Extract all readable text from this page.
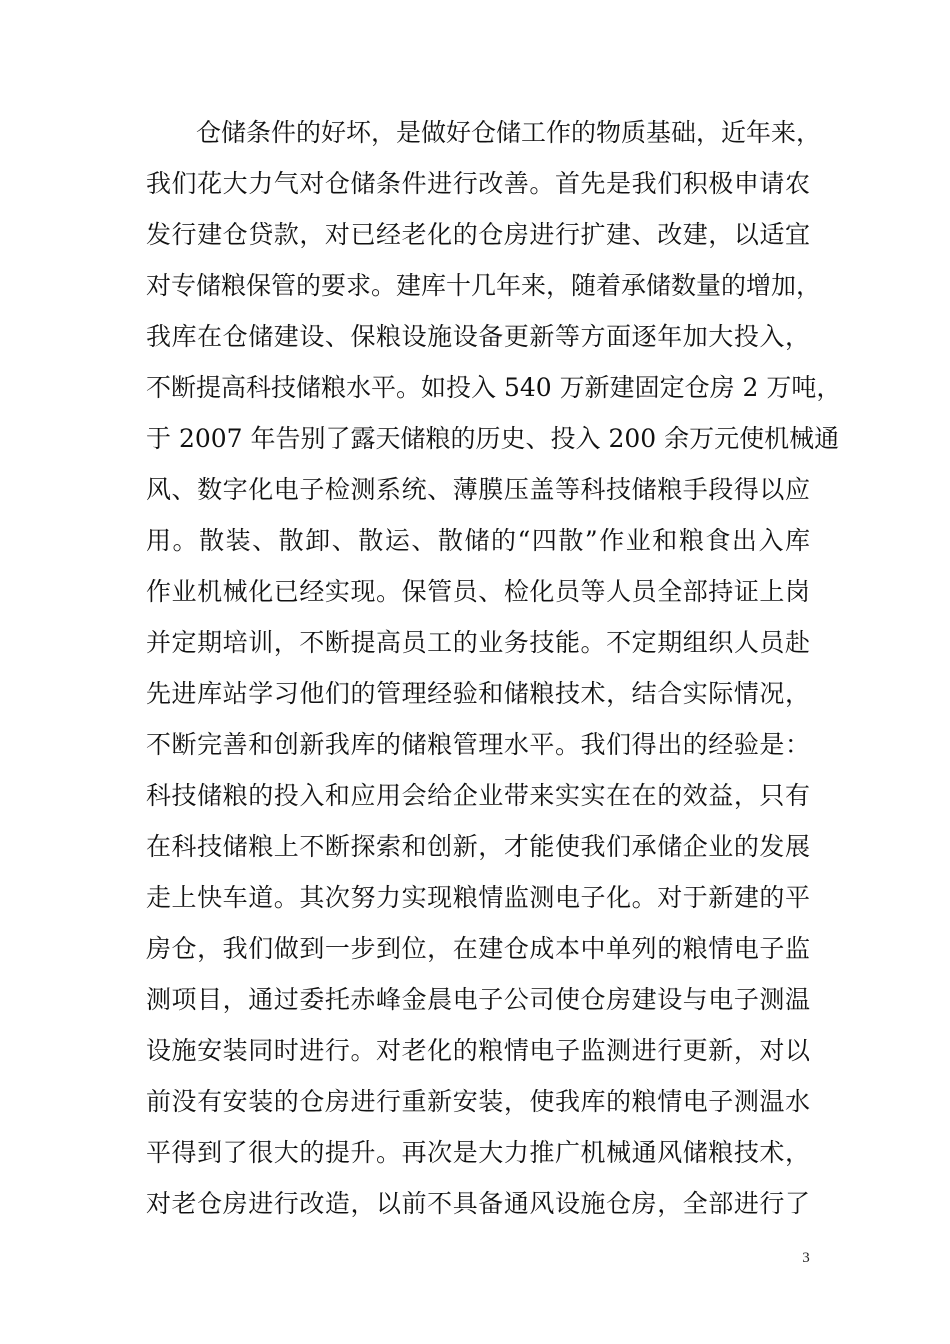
仓储条件的好坏，是做好仓储工作的物质基础，近年来，
我们花大力气对仓储条件进行改善。首先是我们积极申请农
发行建仓贷款，对已经老化的仓房进行扩建、改建，以适宜
对专储粮保管的要求。建库十几年来，随着承储数量的增加，
我库在仓储建设、保粮设施设备更新等方面逐年加大投入，
不断提高科技储粮水平。如投入 540 万新建固定仓房 2 万吨，
于 2007 年告别了露天储粮的历史、投入 200 余万元使机械通
风、数字化电子检测系统、薄膜压盖等科技储粮手段得以应
用。散装、散卸、散运、散储的“四散”作业和粮食出入库
作业机械化已经实现。保管员、检化员等人员全部持证上岗
并定期培训，不断提高员工的业务技能。不定期组织人员赴
先进库站学习他们的管理经验和储粮技术，结合实际情况，
不断完善和创新我库的储粮管理水平。我们得出的经验是：
科技储粮的投入和应用会给企业带来实实在在的效益，只有
在科技储粮上不断探索和创新，才能使我们承储企业的发展
走上快车道。其次努力实现粮情监测电子化。对于新建的平
房仓，我们做到一步到位，在建仓成本中单列的粮情电子监
测项目，通过委托赤峰金晨电子公司使仓房建设与电子测温
设施安装同时进行。对老化的粮情电子监测进行更新，对以
前没有安装的仓房进行重新安装，使我库的粮情电子测温水
平得到了很大的提升。再次是大力推广机械通风储粮技术，
对老仓房进行改造，以前不具备通风设施仓房，全部进行了
3
